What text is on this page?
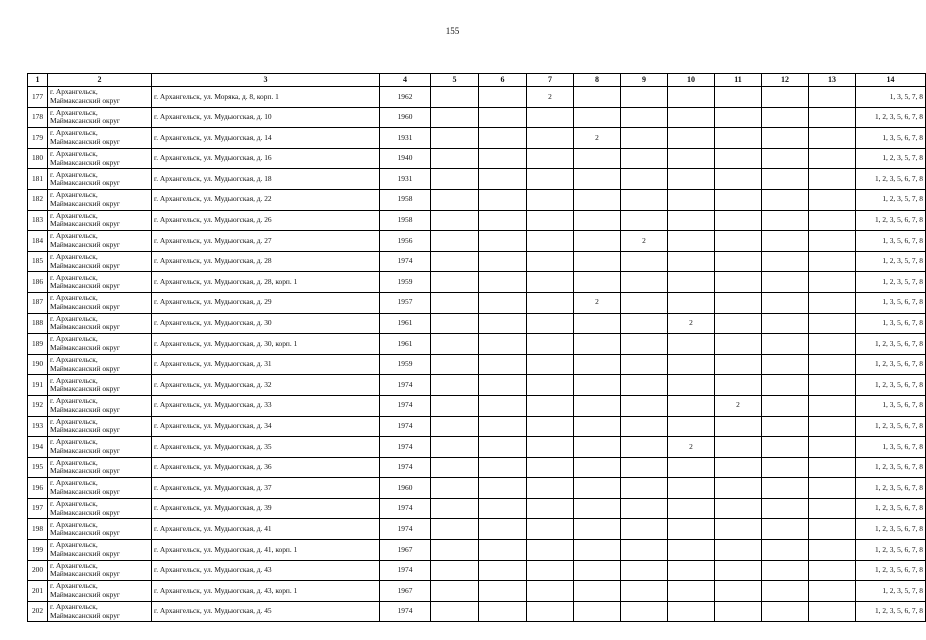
155
1	2	3	4	5	6	7	8	9	10	11	12	13	14
177	г. Архангельск, Маймаксанский округ	г. Архангельск, ул. Моряка, д. 8, корп. 1	1962			2							1, 3, 5, 7, 8
178	г. Архангельск, Маймаксанский округ	г. Архангельск, ул. Мудьюгская, д. 10	1960										1, 2, 3, 5, 6, 7, 8
179	г. Архангельск, Маймаксанский округ	г. Архангельск, ул. Мудьюгская, д. 14	1931				2						1, 3, 5, 6, 7, 8
180	г. Архангельск, Маймаксанский округ	г. Архангельск, ул. Мудьюгская, д. 16	1940										1, 2, 3, 5, 7, 8
181	г. Архангельск, Маймаксанский округ	г. Архангельск, ул. Мудьюгская, д. 18	1931										1, 2, 3, 5, 6, 7, 8
182	г. Архангельск, Маймаксанский округ	г. Архангельск, ул. Мудьюгская, д. 22	1958										1, 2, 3, 5, 7, 8
183	г. Архангельск, Маймаксанский округ	г. Архангельск, ул. Мудьюгская, д. 26	1958										1, 2, 3, 5, 6, 7, 8
184	г. Архангельск, Маймаксанский округ	г. Архангельск, ул. Мудьюгская, д. 27	1956					2					1, 3, 5, 6, 7, 8
185	г. Архангельск, Маймаксанский округ	г. Архангельск, ул. Мудьюгская, д. 28	1974										1, 2, 3, 5, 7, 8
186	г. Архангельск, Маймаксанский округ	г. Архангельск, ул. Мудьюгская, д. 28, корп. 1	1959										1, 2, 3, 5, 7, 8
187	г. Архангельск, Маймаксанский округ	г. Архангельск, ул. Мудьюгская, д. 29	1957				2						1, 3, 5, 6, 7, 8
188	г. Архангельск, Маймаксанский округ	г. Архангельск, ул. Мудьюгская, д. 30	1961						2				1, 3, 5, 6, 7, 8
189	г. Архангельск, Маймаксанский округ	г. Архангельск, ул. Мудьюгская, д. 30, корп. 1	1961										1, 2, 3, 5, 6, 7, 8
190	г. Архангельск, Маймаксанский округ	г. Архангельск, ул. Мудьюгская, д. 31	1959										1, 2, 3, 5, 6, 7, 8
191	г. Архангельск, Маймаксанский округ	г. Архангельск, ул. Мудьюгская, д. 32	1974										1, 2, 3, 5, 6, 7, 8
192	г. Архангельск, Маймаксанский округ	г. Архангельск, ул. Мудьюгская, д. 33	1974							2			1, 3, 5, 6, 7, 8
193	г. Архангельск, Маймаксанский округ	г. Архангельск, ул. Мудьюгская, д. 34	1974										1, 2, 3, 5, 6, 7, 8
194	г. Архангельск, Маймаксанский округ	г. Архангельск, ул. Мудьюгская, д. 35	1974						2				1, 3, 5, 6, 7, 8
195	г. Архангельск, Маймаксанский округ	г. Архангельск, ул. Мудьюгская, д. 36	1974										1, 2, 3, 5, 6, 7, 8
196	г. Архангельск, Маймаксанский округ	г. Архангельск, ул. Мудьюгская, д. 37	1960										1, 2, 3, 5, 6, 7, 8
197	г. Архангельск, Маймаксанский округ	г. Архангельск, ул. Мудьюгская, д. 39	1974										1, 2, 3, 5, 6, 7, 8
198	г. Архангельск, Маймаксанский округ	г. Архангельск, ул. Мудьюгская, д. 41	1974										1, 2, 3, 5, 6, 7, 8
199	г. Архангельск, Маймаксанский округ	г. Архангельск, ул. Мудьюгская, д. 41, корп. 1	1967										1, 2, 3, 5, 6, 7, 8
200	г. Архангельск, Маймаксанский округ	г. Архангельск, ул. Мудьюгская, д. 43	1974										1, 2, 3, 5, 6, 7, 8
201	г. Архангельск, Маймаксанский округ	г. Архангельск, ул. Мудьюгская, д. 43, корп. 1	1967										1, 2, 3, 5, 7, 8
202	г. Архангельск, Маймаксанский округ	г. Архангельск, ул. Мудьюгская, д. 45	1974										1, 2, 3, 5, 6, 7, 8
